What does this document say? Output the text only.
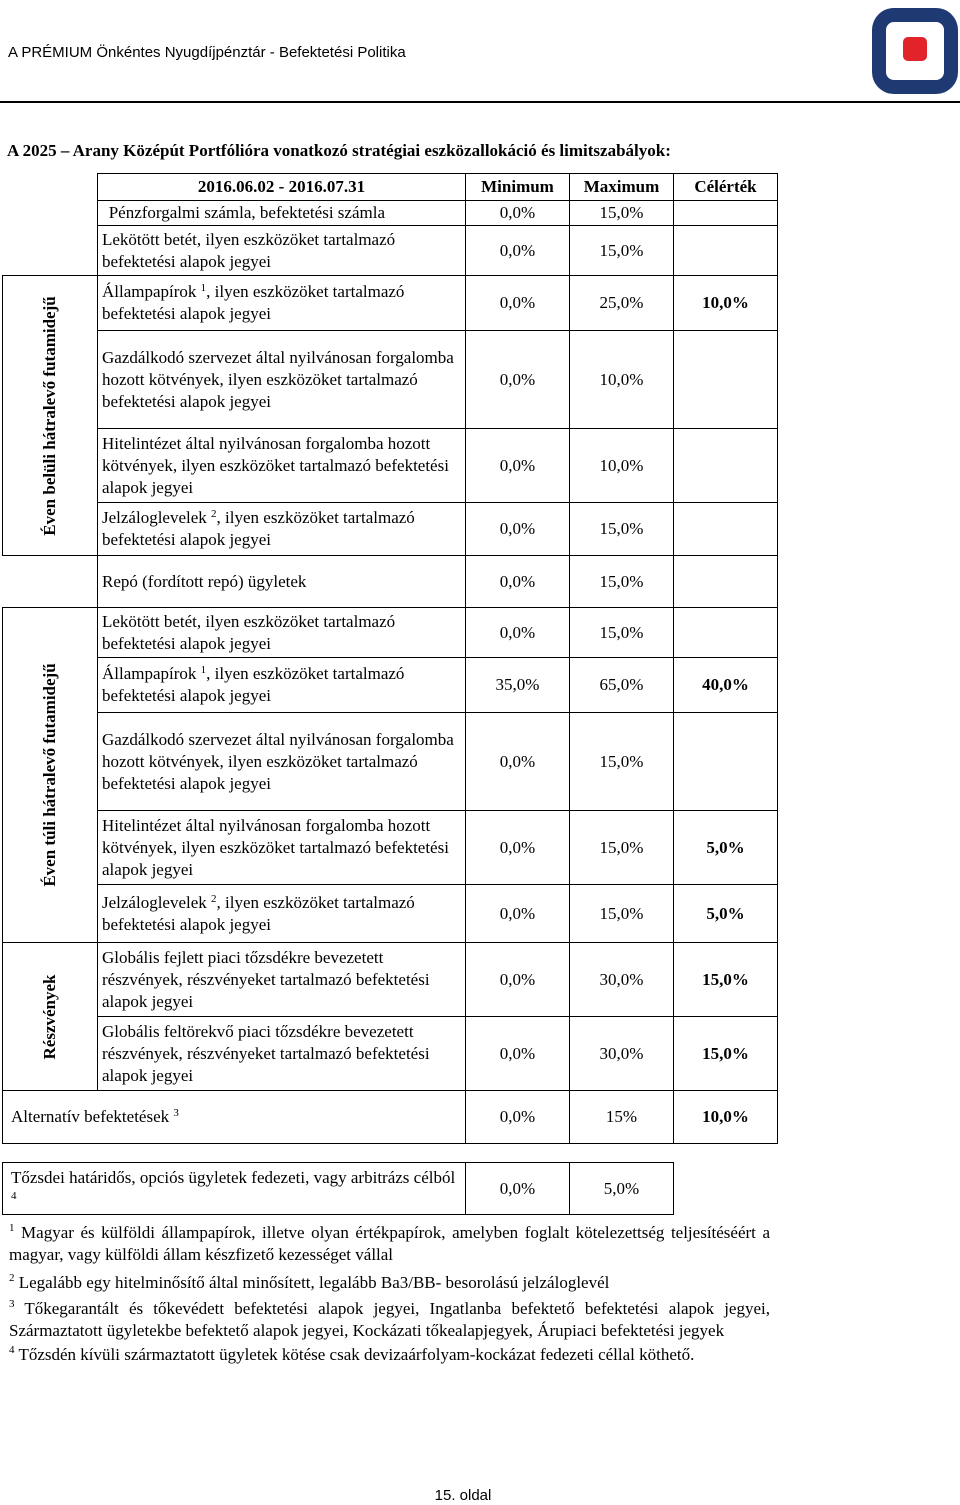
A PRÉMIUM Önkéntes Nyugdíjpénztár - Befektetési Politika
A 2025 – Arany Középút Portfólióra vonatkozó stratégiai eszközallokáció és limitszabályok:
	2016.06.02 - 2016.07.31	Minimum	Maximum	Célérték

	Pénzforgalmi számla, befektetési számla	0,0%	15,0%	
	Lekötött betét, ilyen eszközöket tartalmazó befektetési alapok jegyei	0,0%	15,0%	

Éven belüli hátralevő futamidejű	Állampapírok $^1$, ilyen eszközöket tartalmazó befektetési alapok jegyei	0,0%	25,0%	10,0%
	Gazdálkodó szervezet által nyilvánosan forgalomba hozott kötvények, ilyen eszközöket tartalmazó befektetési alapok jegyei	0,0%	10,0%	
	Hitelintézet által nyilvánosan forgalomba hozott kötvények, ilyen eszközöket tartalmazó befektetési alapok jegyei	0,0%	10,0%	
	Jelzáloglevelek $^2$, ilyen eszközöket tartalmazó befektetési alapok jegyei	0,0%	15,0%	
	Repó (fordított repó) ügyletek	0,0%	15,0%	

Éven túli hátralevő futamidejű	Lekötött betét, ilyen eszközöket tartalmazó befektetési alapok jegyei	0,0%	15,0%	
	Állampapírok $^1$, ilyen eszközöket tartalmazó befektetési alapok jegyei	35,0%	65,0%	40,0%
	Gazdálkodó szervezet által nyilvánosan forgalomba hozott kötvények, ilyen eszközöket tartalmazó befektetési alapok jegyei	0,0%	15,0%	
	Hitelintézet által nyilvánosan forgalomba hozott kötvények, ilyen eszközöket tartalmazó befektetési alapok jegyei	0,0%	15,0%	5,0%
	Jelzáloglevelek $^2$, ilyen eszközöket tartalmazó befektetési alapok jegyei	0,0%	15,0%	5,0%

Részvények	Globális fejlett piaci tőzsdékre bevezetett részvények, részvényeket tartalmazó befektetési alapok jegyei	0,0%	30,0%	15,0%
	Globális feltörekvő piaci tőzsdékre bevezetett részvények, részvényeket tartalmazó befektetési alapok jegyei	0,0%	30,0%	15,0%
Alternatív befektetések $^3$		0,0%	15%	10,0%
Tőzsdei határidős, opciós ügyletek fedezeti, vagy arbitrázs célból $^4$	0,0%	5,0%	

$^1$ Magyar és külföldi állampapírok, illetve olyan értékpapírok, amelyben foglalt kötelezettség teljesítéséért a magyar, vagy külföldi állam készfizető kezességet vállal

$^2$ Legalább egy hitelminősítő által minősített, legalább Ba3/BB- besorolású jelzáloglevél

$^3$ Tőkegarantált és tőkevédett befektetési alapok jegyei, Ingatlanba befektető befektetési alapok jegyei, Származtatott ügyletekbe befektető alapok jegyei, Kockázati tőkealapjegyek, Árupiaci befektetési jegyek

$^4$ Tőzsdén kívüli származtatott ügyletek kötése csak devizaárfolyam-kockázat fedezeti céllal köthető.

15. oldal
